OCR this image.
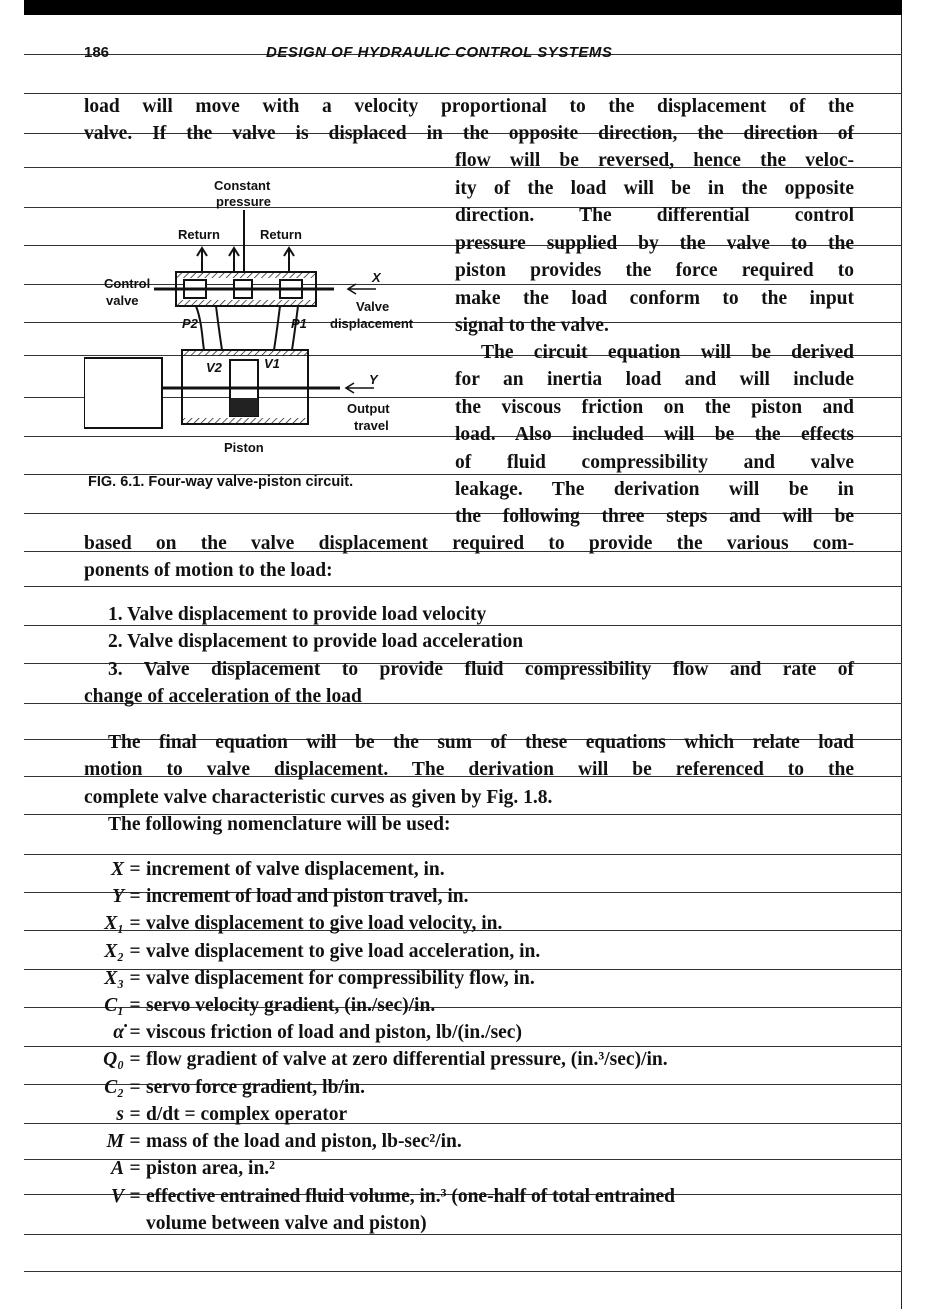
186	DESIGN OF HYDRAULIC CONTROL SYSTEMS
load will move with a velocity proportional to the displacement of the
valve. If the valve is displaced in the opposite direction, the direction of
flow will be reversed, hence the veloc-
ity of the load will be in the opposite
direction. The differential control
pressure supplied by the valve to the
piston provides the force required to
make the load conform to the input
signal to the valve.
The circuit equation will be derived
for an inertia load and will include
the viscous friction on the piston and
load. Also included will be the effects
of fluid compressibility and valve
leakage. The derivation will be in
the following three steps and will be
Constant
pressure
Return	Return
Control
valve
X
Valve
displacement
P2	P1
V2	V1
Y
Output
travel
Piston
FIG. 6.1. Four-way valve-piston circuit.
based on the valve displacement required to provide the various com-
ponents of motion to the load:
1. Valve displacement to provide load velocity
2. Valve displacement to provide load acceleration
3. Valve displacement to provide fluid compressibility flow and rate of
change of acceleration of the load
The final equation will be the sum of these equations which relate load
motion to valve displacement. The derivation will be referenced to the
complete valve characteristic curves as given by Fig. 1.8.
The following nomenclature will be used:
X = increment of valve displacement, in.
Y = increment of load and piston travel, in.
X₁ = valve displacement to give load velocity, in.
X₂ = valve displacement to give load acceleration, in.
X₃ = valve displacement for compressibility flow, in.
C₁ = servo velocity gradient, (in./sec)/in.
α̇ = viscous friction of load and piston, lb/(in./sec)
Q₀ = flow gradient of valve at zero differential pressure, (in.³/sec)/in.
C₂ = servo force gradient, lb/in.
s = d/dt = complex operator
M = mass of the load and piston, lb-sec²/in.
A = piston area, in.²
V = effective entrained fluid volume, in.³ (one-half of total entrained
volume between valve and piston)
